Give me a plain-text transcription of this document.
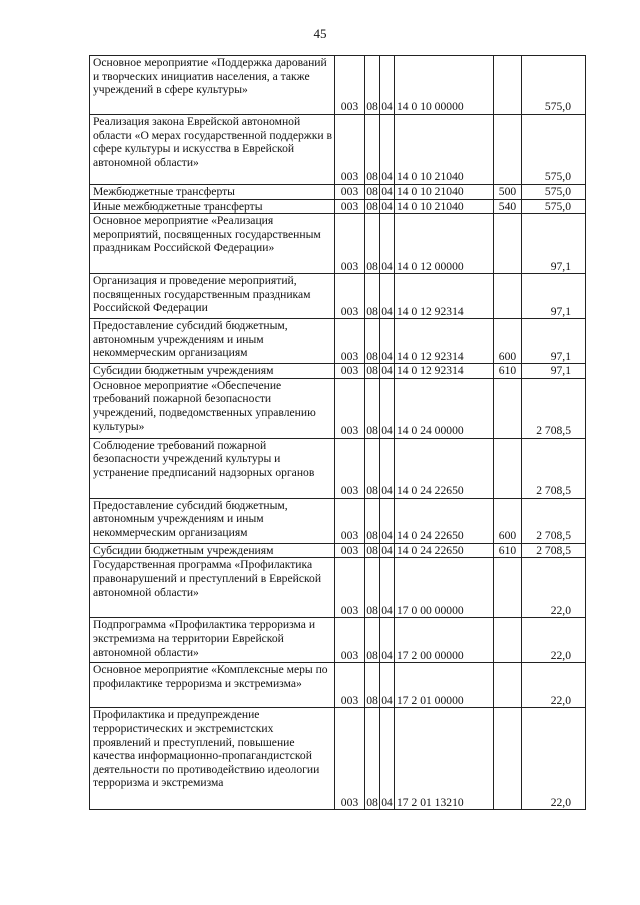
45
Основное мероприятие «Поддержка дарований и творческих инициатив населения, а также учреждений в сфере культуры»	003	08	04	14 0 10 00000		575,0
Реализация закона Еврейской автономной области «О мерах государственной поддержки в сфере культуры и искусства в Еврейской автономной области»	003	08	04	14 0 10 21040		575,0
Межбюджетные трансферты	003	08	04	14 0 10 21040	500	575,0
Иные межбюджетные трансферты	003	08	04	14 0 10 21040	540	575,0
Основное мероприятие «Реализация мероприятий, посвященных государственным праздникам Российской Федерации»	003	08	04	14 0 12 00000		97,1
Организация и проведение мероприятий, посвященных государственным праздникам Российской Федерации	003	08	04	14 0 12 92314		97,1
Предоставление субсидий бюджетным, автономным учреждениям и иным некоммерческим организациям	003	08	04	14 0 12 92314	600	97,1
Субсидии бюджетным учреждениям	003	08	04	14 0 12 92314	610	97,1
Основное мероприятие «Обеспечение требований пожарной безопасности учреждений, подведомственных управлению культуры»	003	08	04	14 0 24 00000		2 708,5
Соблюдение требований пожарной безопасности учреждений культуры и устранение предписаний надзорных органов	003	08	04	14 0 24 22650		2 708,5
Предоставление субсидий бюджетным, автономным учреждениям и иным некоммерческим организациям	003	08	04	14 0 24 22650	600	2 708,5
Субсидии бюджетным учреждениям	003	08	04	14 0 24 22650	610	2 708,5
Государственная программа «Профилактика правонарушений и преступлений в Еврейской автономной области»	003	08	04	17 0 00 00000		22,0
Подпрограмма «Профилактика терроризма и экстремизма на территории Еврейской автономной области»	003	08	04	17 2 00 00000		22,0
Основное мероприятие «Комплексные меры по профилактике терроризма и экстремизма»	003	08	04	17 2 01 00000		22,0
Профилактика и предупреждение террористических и экстремистских проявлений и преступлений, повышение качества информационно-пропагандистской деятельности по противодействию идеологии терроризма и экстремизма	003	08	04	17 2 01 13210		22,0
